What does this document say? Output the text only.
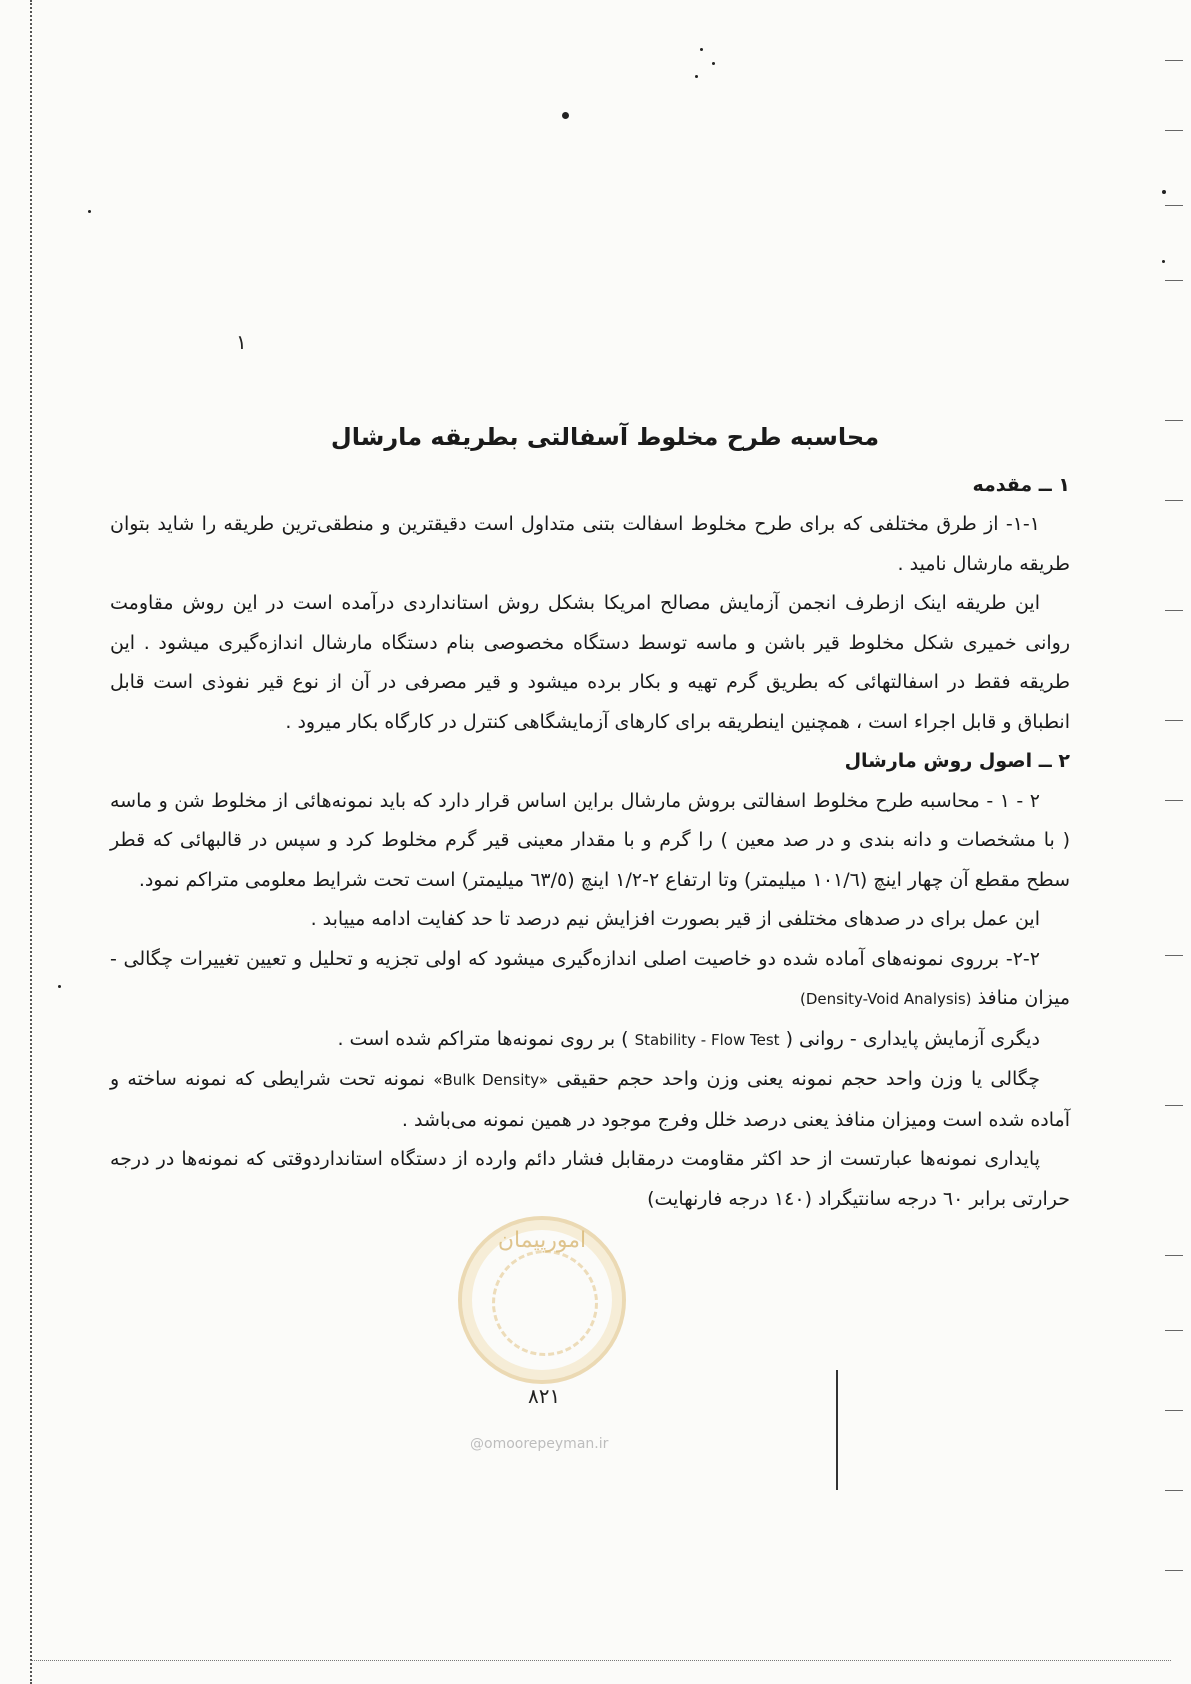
١
محاسبه طرح مخلوط آسفالتی بطریقه مارشال

١ ــ مقدمه

١-١- از طرق مختلفی که برای طرح مخلوط اسفالت بتنی متداول است دقیقترین و منطقی‌ترین طریقه را شاید بتوان طریقه مارشال نامید .

این طریقه اینک ازطرف انجمن آزمایش مصالح امریکا بشکل روش استانداردی درآمده است در این روش مقاومت روانی خمیری شکل مخلوط قیر باشن و ماسه توسط دستگاه مخصوصی بنام دستگاه مارشال اندازه‌گیری میشود . این طریقه فقط در اسفالتهائی که بطریق گرم تهیه و بکار برده میشود و قیر مصرفی در آن از نوع قیر نفوذی است قابل انطباق و قابل اجراء است ، همچنین اینطریقه برای کارهای آزمایشگاهی کنترل در کارگاه بکار میرود .

٢ ــ اصول روش مارشال

٢ - ١ - محاسبه طرح مخلوط اسفالتی بروش مارشال براین اساس قرار دارد که باید نمونه‌هائی از مخلوط شن و ماسه ( با مشخصات و دانه بندی و در صد معین ) را گرم و با مقدار معینی قیر گرم مخلوط کرد و سپس در قالبهائی که قطر سطح مقطع آن چهار اینچ (١٠١/٦ میلیمتر) وتا ارتفاع ٢-١/٢ اینچ (٦٣/٥ میلیمتر) است تحت شرایط معلومی متراکم نمود.

این عمل برای در صدهای مختلفی از قیر بصورت افزایش نیم درصد تا حد کفایت ادامه مییابد .

٢-٢- برروی نمونه‌های آماده شده دو خاصیت اصلی اندازه‌گیری میشود که اولی تجزیه و تحلیل و تعیین تغییرات چگالی - میزان منافذ (Density-Void Analysis)

دیگری آزمایش پایداری - روانی ( Stability - Flow Test ) بر روی نمونه‌ها متراکم شده است .

چگالی یا وزن واحد حجم نمونه یعنی وزن واحد حجم حقیقی «Bulk Density» نمونه تحت شرایطی که نمونه ساخته و آماده شده است ومیزان منافذ یعنی درصد خلل وفرج موجود در همین نمونه می‌باشد .

پایداری نمونه‌ها عبارتست از حد اکثر مقاومت درمقابل فشار دائم وارده از دستگاه استانداردوقتی که نمونه‌ها در درجه حرارتی برابر ٦٠ درجه سانتیگراد (١٤٠ درجه فارنهایت)

امورپیمان
٨٢١
@omoorepeyman.ir
